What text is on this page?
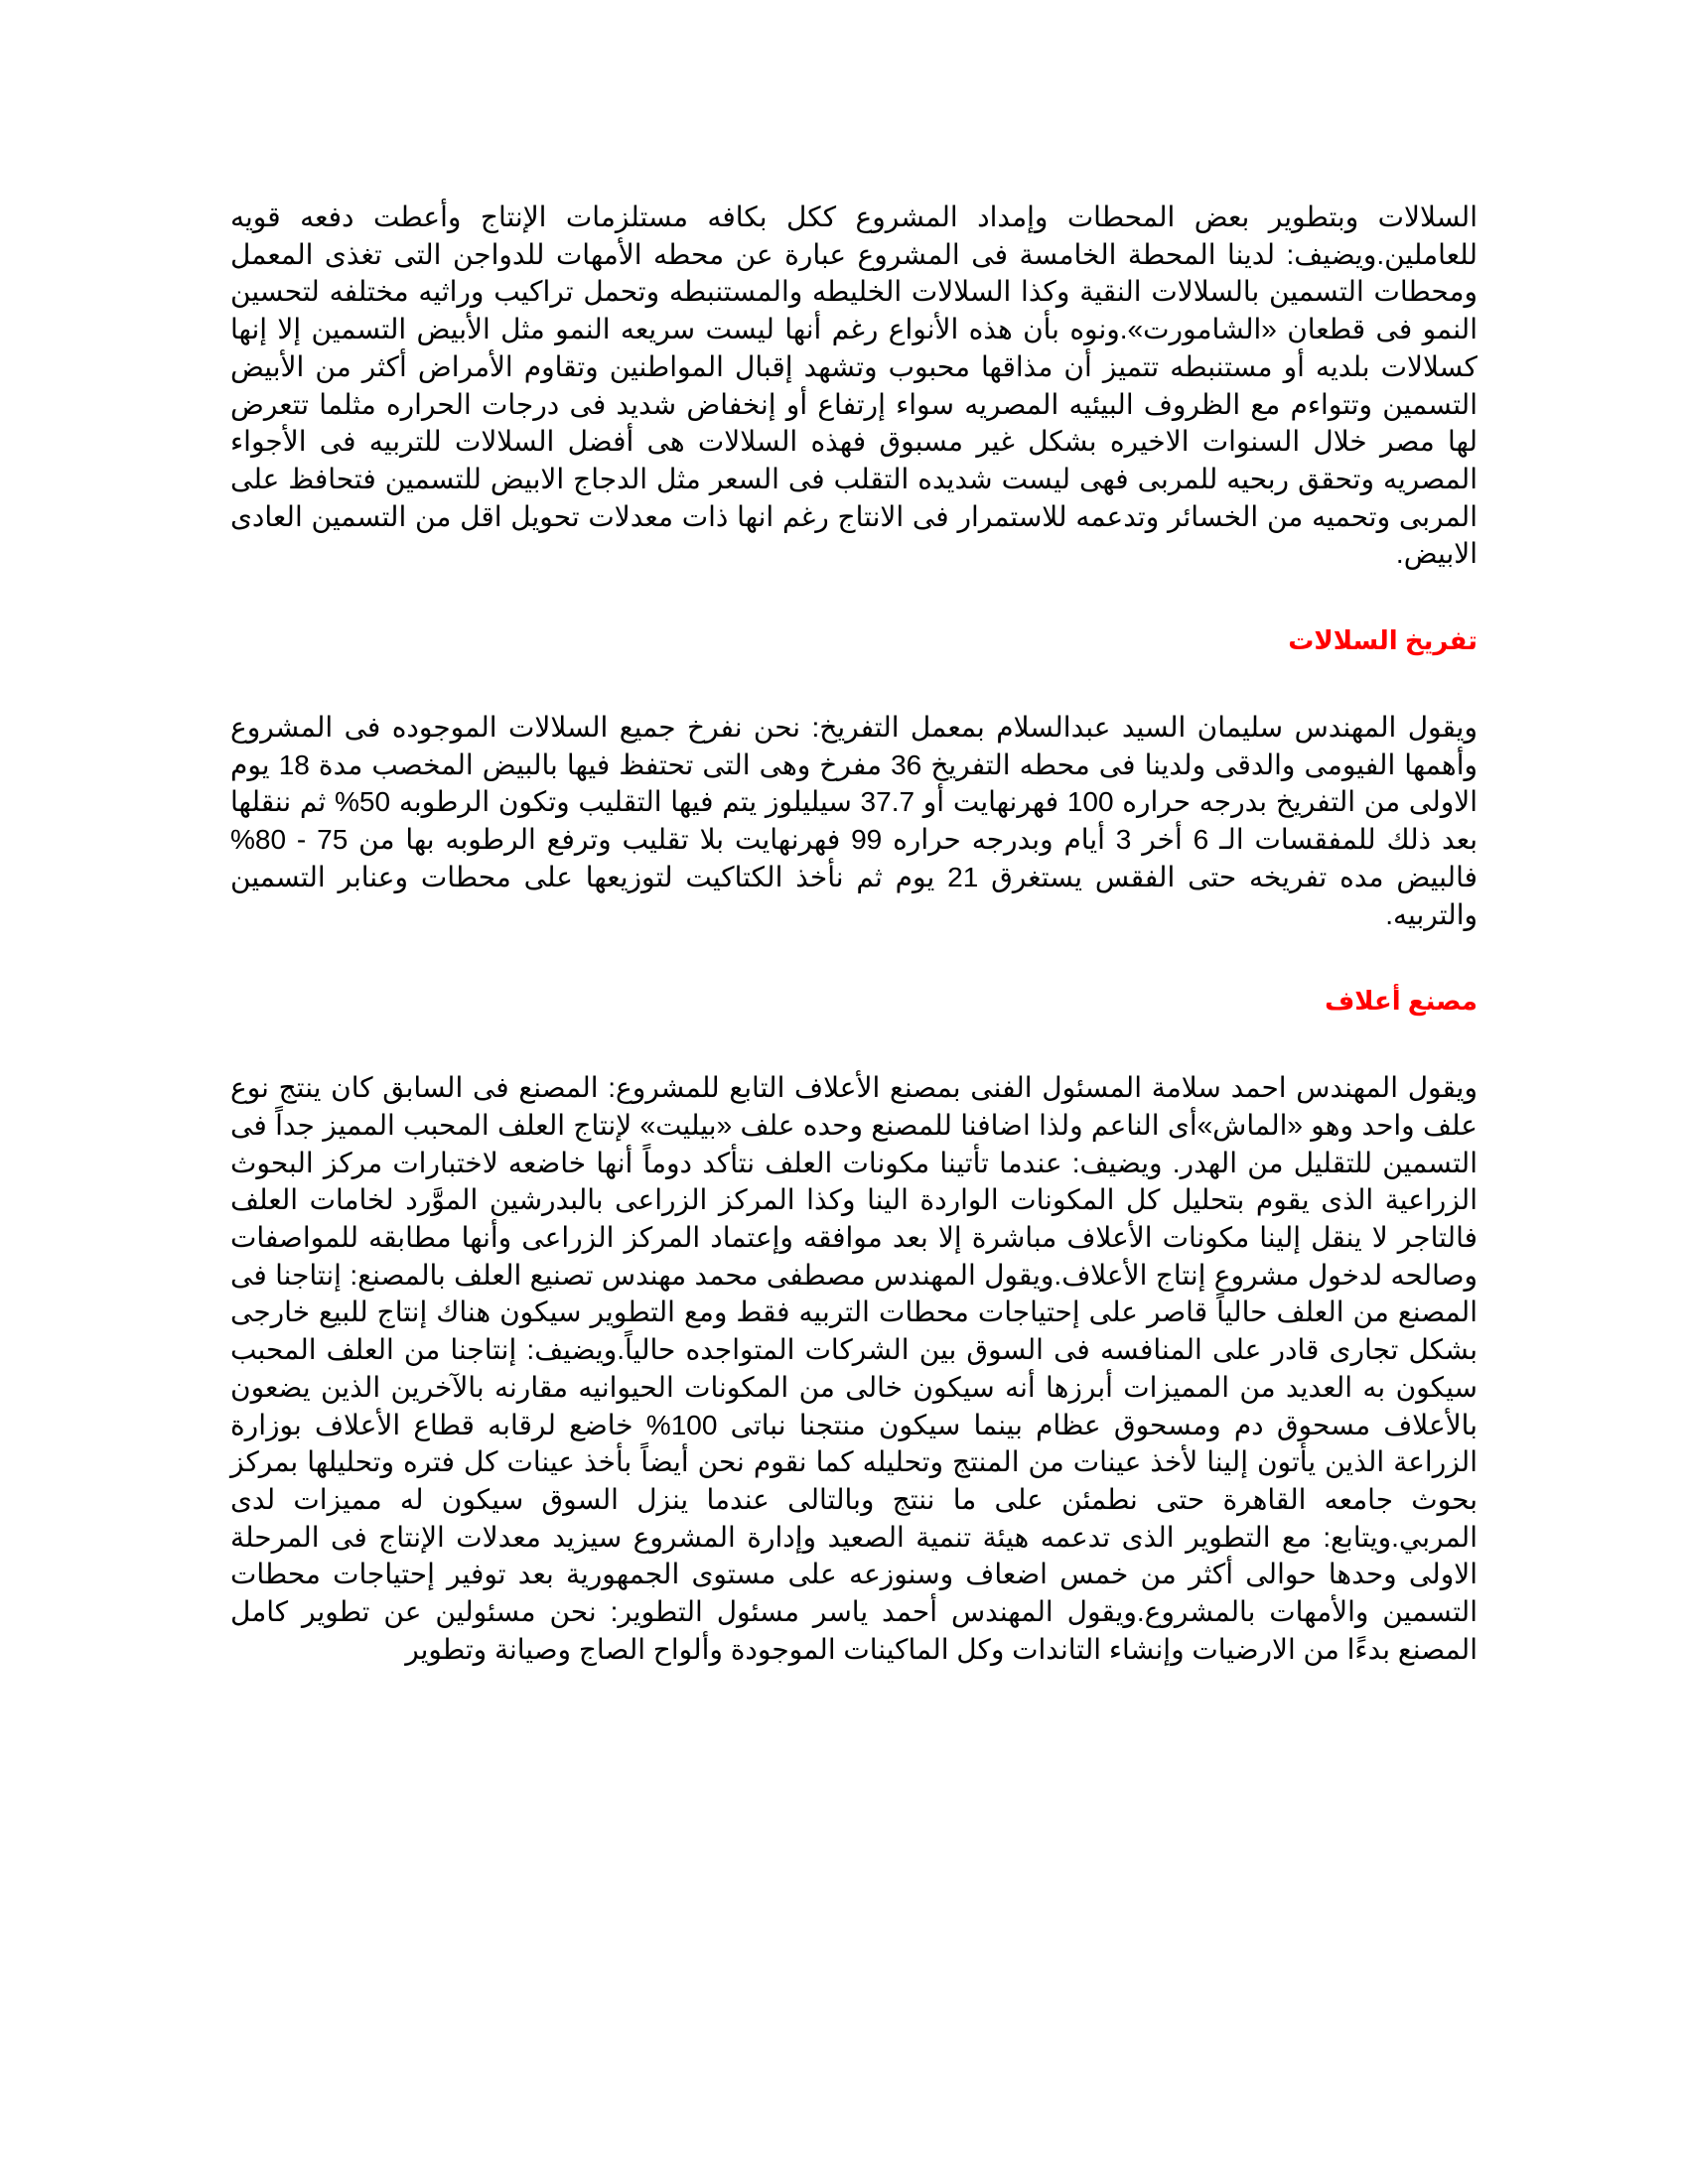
السلالات وبتطوير بعض المحطات وإمداد المشروع ككل بكافه مستلزمات الإنتاج وأعطت دفعه قويه للعاملين.ويضيف: لدينا المحطة الخامسة فى المشروع عبارة عن محطه الأمهات للدواجن التى تغذى المعمل ومحطات التسمين بالسلالات النقية وكذا السلالات الخليطه والمستنبطه وتحمل تراكيب وراثيه مختلفه لتحسين النمو فى قطعان «الشامورت».ونوه بأن هذه الأنواع رغم أنها ليست سريعه النمو مثل الأبيض التسمين إلا إنها كسلالات بلديه أو مستنبطه تتميز أن مذاقها محبوب وتشهد إقبال المواطنين وتقاوم الأمراض أكثر من الأبيض التسمين وتتواءم مع الظروف البيئيه المصريه سواء إرتفاع أو إنخفاض شديد فى درجات الحراره مثلما تتعرض لها مصر خلال السنوات الاخيره بشكل غير مسبوق فهذه السلالات هى أفضل السلالات للتربيه فى الأجواء المصريه وتحقق ربحيه للمربى فهى ليست شديده التقلب فى السعر مثل الدجاج الابيض للتسمين فتحافظ على المربى وتحميه من الخسائر وتدعمه للاستمرار فى الانتاج رغم انها ذات معدلات تحويل اقل من التسمين العادى الابيض.

تفريخ السلالات

ويقول المهندس سليمان السيد عبدالسلام بمعمل التفريخ: نحن نفرخ جميع السلالات الموجوده فى المشروع وأهمها الفيومى والدقى ولدينا فى محطه التفريخ 36 مفرخ وهى التى تحتفظ فيها بالبيض المخصب مدة 18 يوم الاولى من التفريخ بدرجه حراره 100 فهرنهايت أو 37.7 سيليلوز يتم فيها التقليب وتكون الرطوبه 50% ثم ننقلها بعد ذلك للمفقسات الـ 6 أخر 3 أيام وبدرجه حراره 99 فهرنهايت بلا تقليب وترفع الرطوبه بها من 75 - 80% فالبيض مده تفريخه حتى الفقس يستغرق 21 يوم ثم نأخذ الكتاكيت لتوزيعها على محطات وعنابر التسمين والتربيه.

مصنع أعلاف

ويقول المهندس احمد سلامة المسئول الفنى بمصنع الأعلاف التابع للمشروع: المصنع فى السابق كان ينتج نوع علف واحد وهو «الماش»أى الناعم ولذا اضافنا للمصنع وحده علف «بيليت» لإنتاج العلف المحبب المميز جداً فى التسمين للتقليل من الهدر. ويضيف: عندما تأتينا مكونات العلف نتأكد دوماً أنها خاضعه لاختبارات مركز البحوث الزراعية الذى يقوم بتحليل كل المكونات الواردة الينا وكذا المركز الزراعى بالبدرشين الموَّرد لخامات العلف فالتاجر لا ينقل إلينا مكونات الأعلاف مباشرة إلا بعد موافقه وإعتماد المركز الزراعى وأنها مطابقه للمواصفات وصالحه لدخول مشروع إنتاج الأعلاف.ويقول المهندس مصطفى محمد مهندس تصنيع العلف بالمصنع: إنتاجنا فى المصنع من العلف حالياً قاصر على إحتياجات محطات التربيه فقط ومع التطوير سيكون هناك إنتاج للبيع خارجى بشكل تجارى قادر على المنافسه فى السوق بين الشركات المتواجده حالياً.ويضيف: إنتاجنا من العلف المحبب سيكون به العديد من المميزات أبرزها أنه سيكون خالى من المكونات الحيوانيه مقارنه بالآخرين الذين يضعون بالأعلاف مسحوق دم ومسحوق عظام بينما سيكون منتجنا نباتى 100% خاضع لرقابه قطاع الأعلاف بوزارة الزراعة الذين يأتون إلينا لأخذ عينات من المنتج وتحليله كما نقوم نحن أيضاً بأخذ عينات كل فتره وتحليلها بمركز بحوث جامعه القاهرة حتى نطمئن على ما ننتج وبالتالى عندما ينزل السوق سيكون له مميزات لدى المربي.ويتابع: مع التطوير الذى تدعمه هيئة تنمية الصعيد وإدارة المشروع سيزيد معدلات الإنتاج فى المرحلة الاولى وحدها حوالى أكثر من خمس اضعاف وسنوزعه على مستوى الجمهورية بعد توفير إحتياجات محطات التسمين والأمهات بالمشروع.ويقول المهندس أحمد ياسر مسئول التطوير: نحن مسئولين عن تطوير كامل المصنع بدءًا من الارضيات وإنشاء التاندات وكل الماكينات الموجودة وألواح الصاج وصيانة وتطوير
